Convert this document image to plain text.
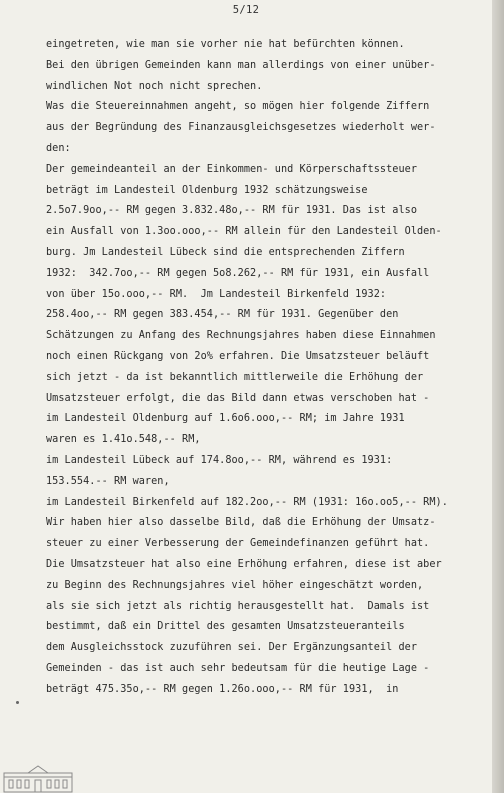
5/12
eingetreten, wie man sie vorher nie hat befürchten können.
Bei den übrigen Gemeinden kann man allerdings von einer unüber-
windlichen Not noch nicht sprechen.
Was die Steuereinnahmen angeht, so mögen hier folgende Ziffern
aus der Begründung des Finanzausgleichsgesetzes wiederholt wer-
den:
Der gemeindeanteil an der Einkommen- und Körperschaftssteuer
beträgt im Landesteil Oldenburg 1932 schätzungsweise
2.5o7.9oo,-- RM gegen 3.832.48o,-- RM für 1931. Das ist also
ein Ausfall von 1.3oo.ooo,-- RM allein für den Landesteil Olden-
burg. Jm Landesteil Lübeck sind die entsprechenden Ziffern
1932:  342.7oo,-- RM gegen 5o8.262,-- RM für 1931, ein Ausfall
von über 15o.ooo,-- RM.  Jm Landesteil Birkenfeld 1932:
258.4oo,-- RM gegen 383.454,-- RM für 1931. Gegenüber den
Schätzungen zu Anfang des Rechnungsjahres haben diese Einnahmen
noch einen Rückgang von 2o% erfahren. Die Umsatzsteuer beläuft
sich jetzt - da ist bekanntlich mittlerweile die Erhöhung der
Umsatzsteuer erfolgt, die das Bild dann etwas verschoben hat -
im Landesteil Oldenburg auf 1.6o6.ooo,-- RM; im Jahre 1931
waren es 1.41o.548,-- RM,
im Landesteil Lübeck auf 174.8oo,-- RM, während es 1931:
153.554.-- RM waren,
im Landesteil Birkenfeld auf 182.2oo,-- RM (1931: 16o.oo5,-- RM).
Wir haben hier also dasselbe Bild, daß die Erhöhung der Umsatz-
steuer zu einer Verbesserung der Gemeindefinanzen geführt hat.
Die Umsatzsteuer hat also eine Erhöhung erfahren, diese ist aber
zu Beginn des Rechnungsjahres viel höher eingeschätzt worden,
als sie sich jetzt als richtig herausgestellt hat.  Damals ist
bestimmt, daß ein Drittel des gesamten Umsatzsteueranteils
dem Ausgleichsstock zuzuführen sei. Der Ergänzungsanteil der
Gemeinden - das ist auch sehr bedeutsam für die heutige Lage -
beträgt 475.35o,-- RM gegen 1.26o.ooo,-- RM für 1931,  in
